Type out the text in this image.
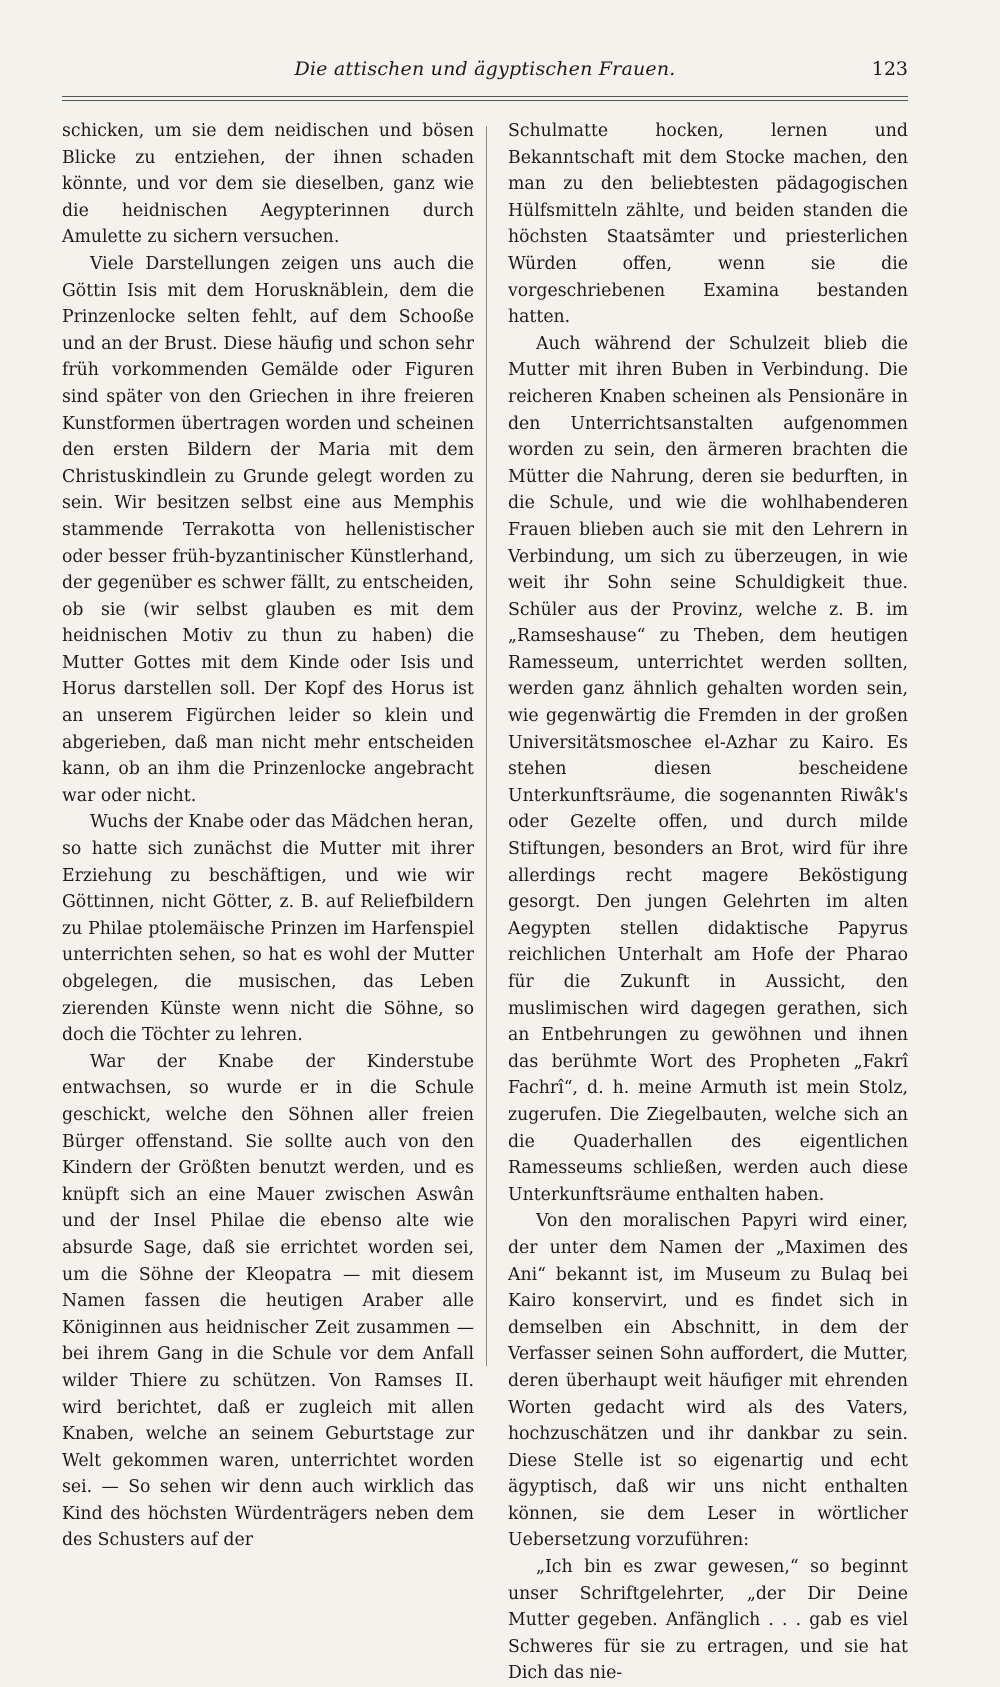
Die attischen und ägyptischen Frauen.	123

schicken, um sie dem neidischen und bösen Blicke zu entziehen, der ihnen schaden könnte, und vor dem sie dieselben, ganz wie die heidnischen Aegypterinnen durch Amulette zu sichern versuchen.

Viele Darstellungen zeigen uns auch die Göttin Isis mit dem Horusknäblein, dem die Prinzenlocke selten fehlt, auf dem Schooße und an der Brust. Diese häufig und schon sehr früh vorkommenden Gemälde oder Figuren sind später von den Griechen in ihre freieren Kunstformen übertragen worden und scheinen den ersten Bildern der Maria mit dem Christuskindlein zu Grunde gelegt worden zu sein. Wir besitzen selbst eine aus Memphis stammende Terrakotta von hellenistischer oder besser früh-byzantinischer Künstlerhand, der gegenüber es schwer fällt, zu entscheiden, ob sie (wir selbst glauben es mit dem heidnischen Motiv zu thun zu haben) die Mutter Gottes mit dem Kinde oder Isis und Horus darstellen soll. Der Kopf des Horus ist an unserem Figürchen leider so klein und abgerieben, daß man nicht mehr entscheiden kann, ob an ihm die Prinzenlocke angebracht war oder nicht.

Wuchs der Knabe oder das Mädchen heran, so hatte sich zunächst die Mutter mit ihrer Erziehung zu beschäftigen, und wie wir Göttinnen, nicht Götter, z. B. auf Reliefbildern zu Philae ptolemäische Prinzen im Harfenspiel unterrichten sehen, so hat es wohl der Mutter obgelegen, die musischen, das Leben zierenden Künste wenn nicht die Söhne, so doch die Töchter zu lehren.

War der Knabe der Kinderstube entwachsen, so wurde er in die Schule geschickt, welche den Söhnen aller freien Bürger offenstand. Sie sollte auch von den Kindern der Größten benutzt werden, und es knüpft sich an eine Mauer zwischen Aswân und der Insel Philae die ebenso alte wie absurde Sage, daß sie errichtet worden sei, um die Söhne der Kleopatra — mit diesem Namen fassen die heutigen Araber alle Königinnen aus heidnischer Zeit zusammen — bei ihrem Gang in die Schule vor dem Anfall wilder Thiere zu schützen. Von Ramses II. wird berichtet, daß er zugleich mit allen Knaben, welche an seinem Geburtstage zur Welt gekommen waren, unterrichtet worden sei. — So sehen wir denn auch wirklich das Kind des höchsten Würdenträgers neben dem des Schusters auf der

Schulmatte hocken, lernen und Bekanntschaft mit dem Stocke machen, den man zu den beliebtesten pädagogischen Hülfsmitteln zählte, und beiden standen die höchsten Staatsämter und priesterlichen Würden offen, wenn sie die vorgeschriebenen Examina bestanden hatten.

Auch während der Schulzeit blieb die Mutter mit ihren Buben in Verbindung. Die reicheren Knaben scheinen als Pensionäre in den Unterrichtsanstalten aufgenommen worden zu sein, den ärmeren brachten die Mütter die Nahrung, deren sie bedurften, in die Schule, und wie die wohlhabenderen Frauen blieben auch sie mit den Lehrern in Verbindung, um sich zu überzeugen, in wie weit ihr Sohn seine Schuldigkeit thue. Schüler aus der Provinz, welche z. B. im „Ramseshause“ zu Theben, dem heutigen Ramesseum, unterrichtet werden sollten, werden ganz ähnlich gehalten worden sein, wie gegenwärtig die Fremden in der großen Universitätsmoschee el-Azhar zu Kairo. Es stehen diesen bescheidene Unterkunftsräume, die sogenannten Riwâk's oder Gezelte offen, und durch milde Stiftungen, besonders an Brot, wird für ihre allerdings recht magere Beköstigung gesorgt. Den jungen Gelehrten im alten Aegypten stellen didaktische Papyrus reichlichen Unterhalt am Hofe der Pharao für die Zukunft in Aussicht, den muslimischen wird dagegen gerathen, sich an Entbehrungen zu gewöhnen und ihnen das berühmte Wort des Propheten „Fakrî Fachrî“, d. h. meine Armuth ist mein Stolz, zugerufen. Die Ziegelbauten, welche sich an die Quaderhallen des eigentlichen Ramesseums schließen, werden auch diese Unterkunftsräume enthalten haben.

Von den moralischen Papyri wird einer, der unter dem Namen der „Maximen des Ani“ bekannt ist, im Museum zu Bulaq bei Kairo konservirt, und es findet sich in demselben ein Abschnitt, in dem der Verfasser seinen Sohn auffordert, die Mutter, deren überhaupt weit häufiger mit ehrenden Worten gedacht wird als des Vaters, hochzuschätzen und ihr dankbar zu sein. Diese Stelle ist so eigenartig und echt ägyptisch, daß wir uns nicht enthalten können, sie dem Leser in wörtlicher Uebersetzung vorzuführen:

„Ich bin es zwar gewesen,“ so beginnt unser Schriftgelehrter, „der Dir Deine Mutter gegeben. Anfänglich . . . gab es viel Schweres für sie zu ertragen, und sie hat Dich das nie-
